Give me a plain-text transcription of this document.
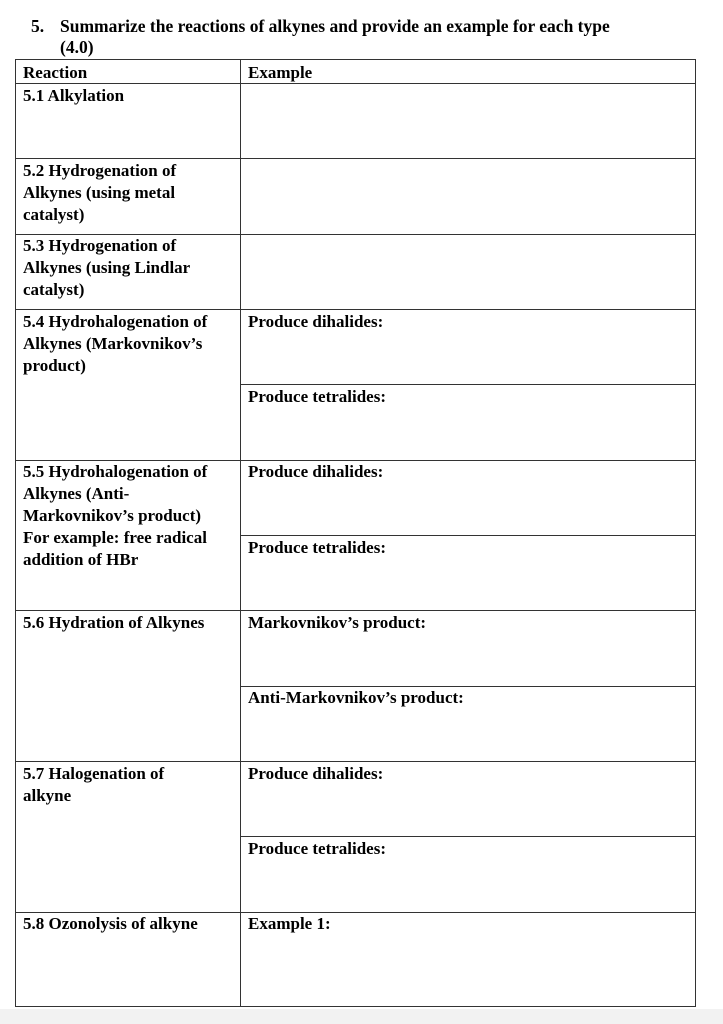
5. Summarize the reactions of alkynes and provide an example for each type
(4.0)
Reaction	Example
5.1 Alkylation
5.2 Hydrogenation of
Alkynes (using metal
catalyst)
5.3 Hydrogenation of
Alkynes (using Lindlar
catalyst)
5.4 Hydrohalogenation of
Alkynes (Markovnikov’s
product)
Produce dihalides:
Produce tetralides:
5.5 Hydrohalogenation of
Alkynes (Anti-
Markovnikov’s product)
For example: free radical
addition of HBr
Produce dihalides:
Produce tetralides:
5.6 Hydration of Alkynes	Markovnikov’s product:
Anti-Markovnikov’s product:
5.7 Halogenation of
alkyne
Produce dihalides:
Produce tetralides:
5.8 Ozonolysis of alkyne	Example 1:
